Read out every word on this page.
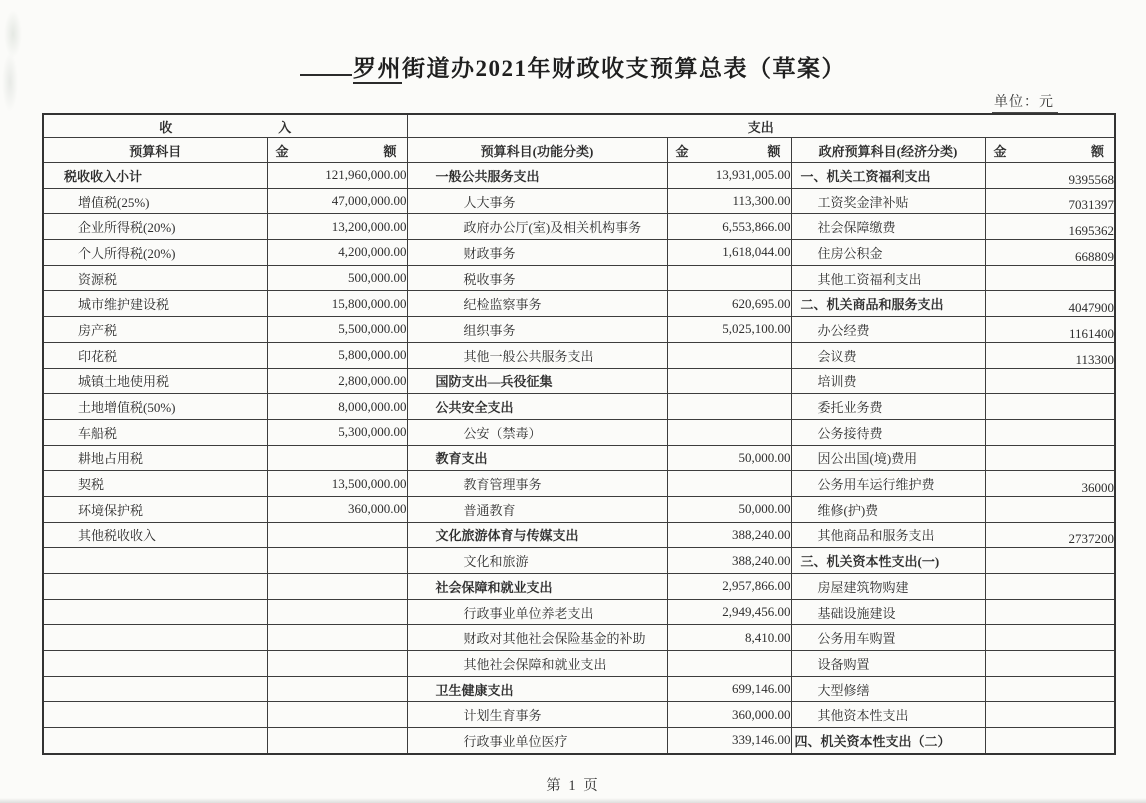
罗州街道办2021年财政收支预算总表（草案）
单位：元
收 入		支出			
预算科目	金 额	预算科目(功能分类)	金 额	政府预算科目(经济分类)	金 额

税收收入小计	121,960,000.00	一般公共服务支出	13,931,005.00	一、机关工资福利支出	9395568
增值税(25%)	47,000,000.00	人大事务	113,300.00	工资奖金津补贴	7031397
企业所得税(20%)	13,200,000.00	政府办公厅(室)及相关机构事务	6,553,866.00	社会保障缴费	1695362
个人所得税(20%)	4,200,000.00	财政事务	1,618,044.00	住房公积金	668809
资源税	500,000.00	税收事务		其他工资福利支出	
城市维护建设税	15,800,000.00	纪检监察事务	620,695.00	二、机关商品和服务支出	4047900
房产税	5,500,000.00	组织事务	5,025,100.00	办公经费	1161400
印花税	5,800,000.00	其他一般公共服务支出		会议费	113300
城镇土地使用税	2,800,000.00	国防支出—兵役征集		培训费	
土地增值税(50%)	8,000,000.00	公共安全支出		委托业务费	
车船税	5,300,000.00	公安（禁毒）		公务接待费	
耕地占用税		教育支出	50,000.00	因公出国(境)费用	
契税	13,500,000.00	教育管理事务		公务用车运行维护费	36000
环境保护税	360,000.00	普通教育	50,000.00	维修(护)费	
其他税收收入		文化旅游体育与传媒支出	388,240.00	其他商品和服务支出	2737200
		文化和旅游	388,240.00	三、机关资本性支出(一)	
		社会保障和就业支出	2,957,866.00	房屋建筑物购建	
		行政事业单位养老支出	2,949,456.00	基础设施建设	
		财政对其他社会保险基金的补助	8,410.00	公务用车购置	
		其他社会保障和就业支出		设备购置	
		卫生健康支出	699,146.00	大型修缮	
		计划生育事务	360,000.00	其他资本性支出	
		行政事业单位医疗	339,146.00	四、机关资本性支出（二）	
第 1 页
